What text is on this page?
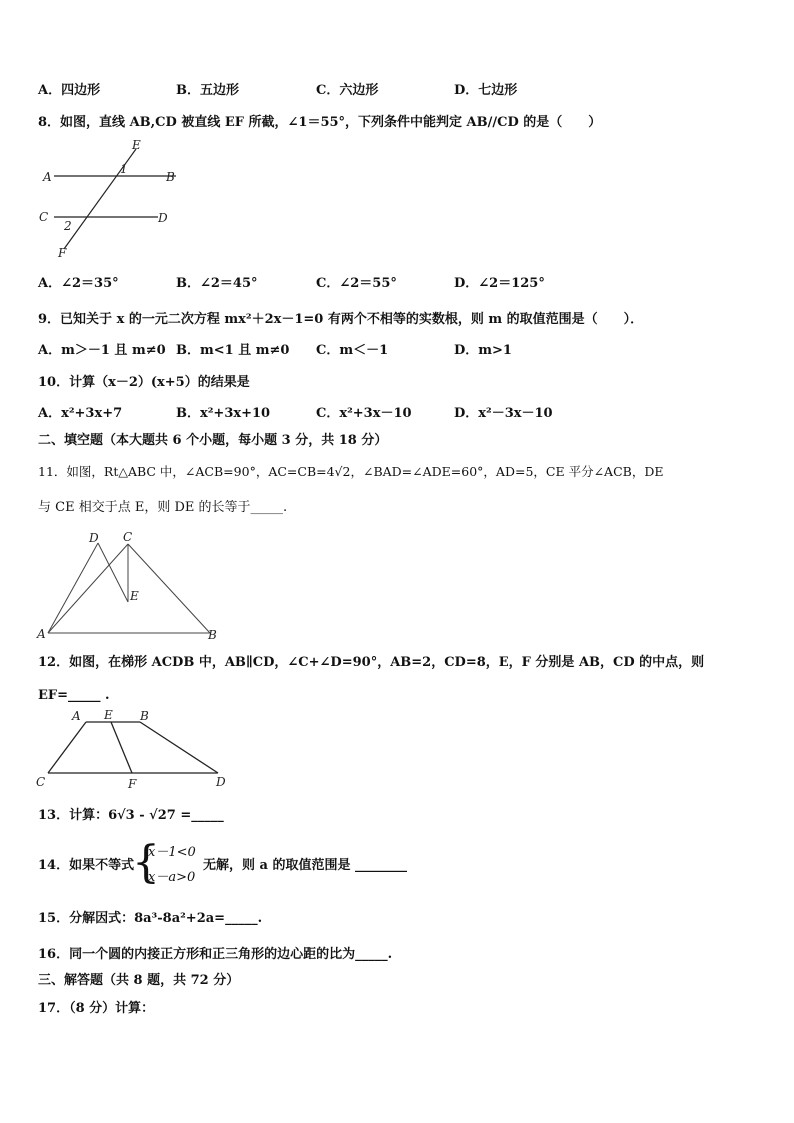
A．四边形	B．五边形	C．六边形	D．七边形
8．如图，直线 AB,CD 被直线 EF 所截，∠1＝55°，下列条件中能判定 AB//CD 的是（　　）
E
1
A	B
C	D
2
F
A．∠2＝35°	B．∠2＝45°	C．∠2＝55°	D．∠2＝125°
9．已知关于 x 的一元二次方程 mx²＋2x－1=0 有两个不相等的实数根，则 m 的取值范围是（　　）．
A．m＞－1 且 m≠0 B．m<1 且 m≠0 C．m＜－1	D．m>1
10．计算（x－2）(x+5）的结果是
A．x²+3x+7	B．x²+3x+10	C．x²+3x－10	D．x²－3x－10
二、填空题（本大题共 6 个小题，每小题 3 分，共 18 分）
11．如图，Rt△ABC 中，∠ACB=90°，AC=CB=4√2，∠BAD=∠ADE=60°，AD=5，CE 平分∠ACB，DE
与 CE 相交于点 E，则 DE 的长等于_____.
D C
E
A	B
12．如图，在梯形 ACDB 中，AB∥CD，∠C+∠D=90°，AB=2，CD=8，E，F 分别是 AB，CD 的中点，则
EF=_____ .
A E B
C	F	D
13．计算：6√3 - √27 =_____
14．如果不等式
{
x－1<0
x－a>0
无解，则 a 的取值范围是 ________
15．分解因式：8a³-8a²+2a=_____.
16．同一个圆的内接正方形和正三角形的边心距的比为_____.
三、解答题（共 8 题，共 72 分）
17．（8 分）计算：
